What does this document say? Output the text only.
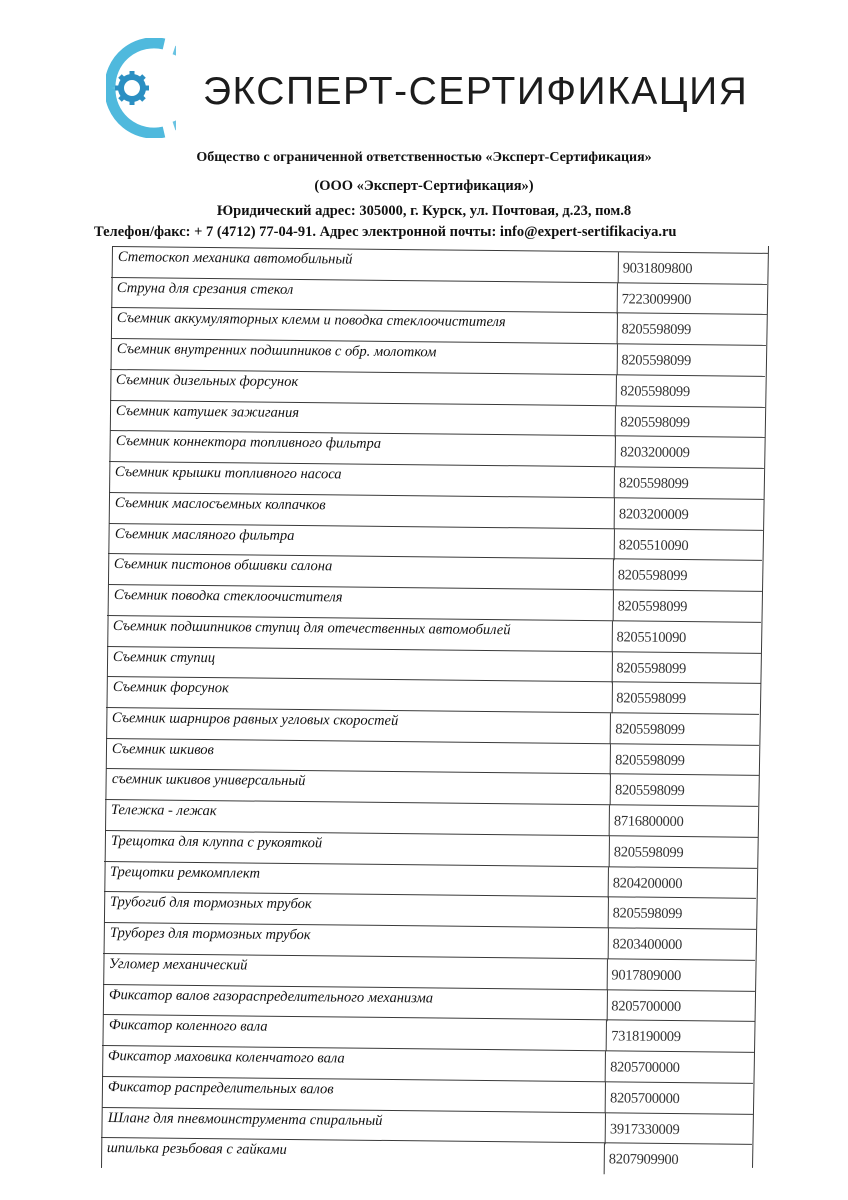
ЭКСПЕРТ-СЕРТИФИКАЦИЯ
Общество с ограниченной ответственностью «Эксперт-Сертификация»
(ООО «Эксперт-Сертификация»)
Юридический адрес: 305000, г. Курск, ул. Почтовая, д.23, пом.8
Телефон/факс: + 7 (4712) 77-04-91. Адрес электронной почты: info@expert-sertifikaciya.ru
Стетоскоп механика автомобильный
9031809800
Струна для срезания стекол
7223009900
Съемник аккумуляторных клемм и поводка стеклоочистителя	8205598099
Съемник внутренних подшипников с обр. молотком
8205598099
Съемник дизельных форсунок
8205598099
Съемник катушек зажигания
8205598099
Съемник коннектора топливного фильтра
8203200009
Съемник крышки топливного насоса
8205598099
Съемник маслосъемных колпачков
8203200009
Съемник масляного фильтра
8205510090
Съемник пистонов обшивки салона
8205598099
Съемник поводка стеклоочистителя
8205598099
Съемник подшипников ступиц для отечественных автомобилей	8205510090
Съемник ступиц
8205598099
Съемник форсунок
8205598099
Съемник шарниров равных угловых скоростей
8205598099
Съемник шкивов
8205598099
съемник шкивов универсальный
8205598099
Тележка - лежак
8716800000
Трещотка для клуппа с рукояткой
8205598099
Трещотки ремкомплект
8204200000
Трубогиб для тормозных трубок
8205598099
Труборез для тормозных трубок
8203400000
Угломер механический
9017809000
Фиксатор валов газораспределительного механизма
8205700000
Фиксатор коленного вала
7318190009
Фиксатор маховика коленчатого вала
8205700000
Фиксатор распределительных валов
8205700000
Шланг для пневмоинструмента спиральный
3917330009
шпилька резьбовая с гайками
8207909900
